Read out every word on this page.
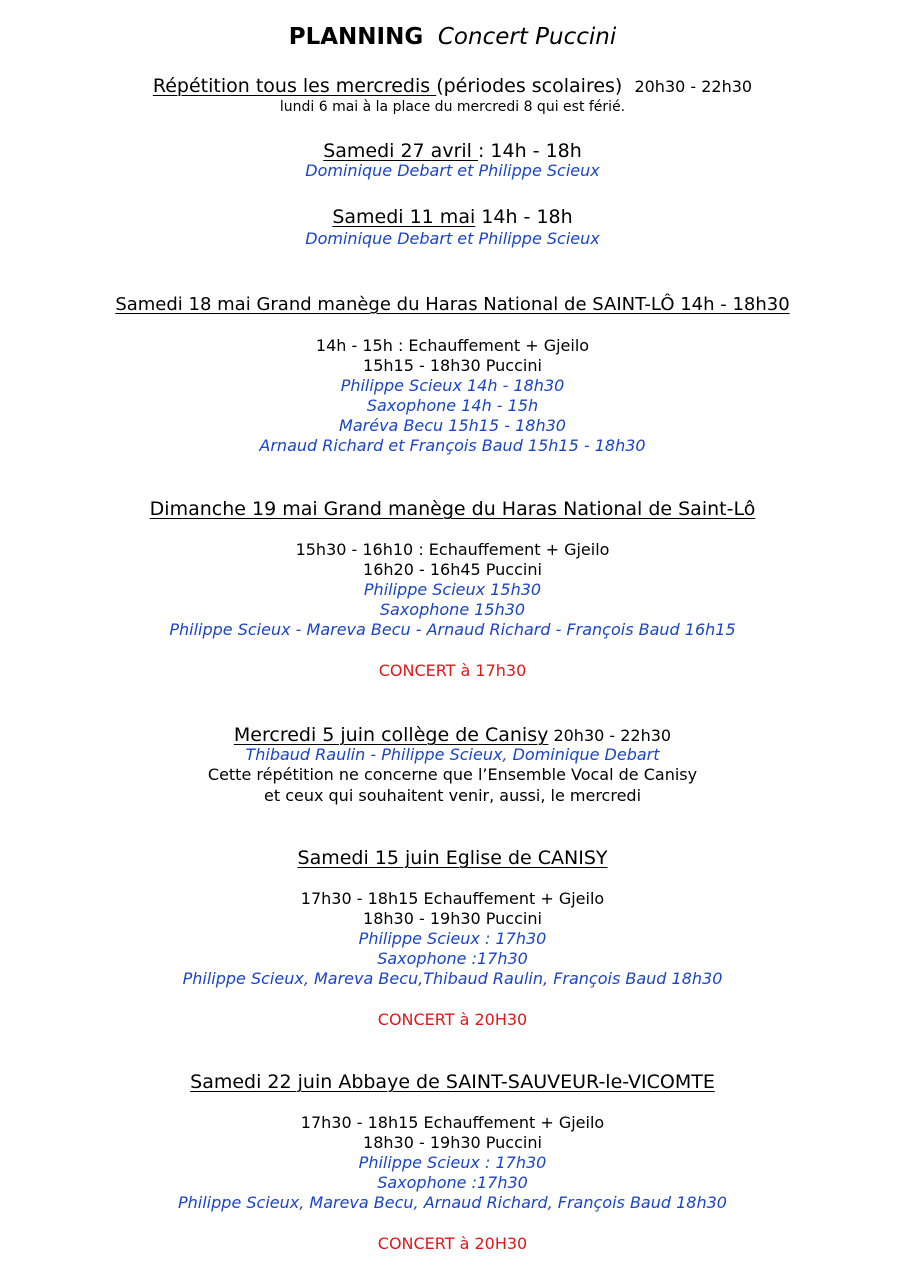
PLANNING Concert Puccini
Répétition tous les mercredis (périodes scolaires) 20h30 - 22h30
lundi 6 mai à la place du mercredi 8 qui est férié.
Samedi 27 avril : 14h - 18h
Dominique Debart et Philippe Scieux
Samedi 11 mai 14h - 18h
Dominique Debart et Philippe Scieux
Samedi 18 mai Grand manège du Haras National de SAINT-LÔ 14h - 18h30
14h - 15h : Echauffement + Gjeilo
15h15 - 18h30 Puccini
Philippe Scieux 14h - 18h30
Saxophone 14h - 15h
Maréva Becu 15h15 - 18h30
Arnaud Richard et François Baud 15h15 - 18h30
Dimanche 19 mai Grand manège du Haras National de Saint-Lô
15h30 - 16h10 : Echauffement + Gjeilo
16h20 - 16h45 Puccini
Philippe Scieux 15h30
Saxophone 15h30
Philippe Scieux - Mareva Becu - Arnaud Richard - François Baud 16h15
CONCERT à 17h30
Mercredi 5 juin collège de Canisy 20h30 - 22h30
Thibaud Raulin - Philippe Scieux, Dominique Debart
Cette répétition ne concerne que l’Ensemble Vocal de Canisy
et ceux qui souhaitent venir, aussi, le mercredi
Samedi 15 juin Eglise de CANISY
17h30 - 18h15 Echauffement + Gjeilo
18h30 - 19h30 Puccini
Philippe Scieux : 17h30
Saxophone :17h30
Philippe Scieux, Mareva Becu,Thibaud Raulin, François Baud 18h30
CONCERT à 20H30
Samedi 22 juin Abbaye de SAINT-SAUVEUR-le-VICOMTE
17h30 - 18h15 Echauffement + Gjeilo
18h30 - 19h30 Puccini
Philippe Scieux : 17h30
Saxophone :17h30
Philippe Scieux, Mareva Becu, Arnaud Richard, François Baud 18h30
CONCERT à 20H30
